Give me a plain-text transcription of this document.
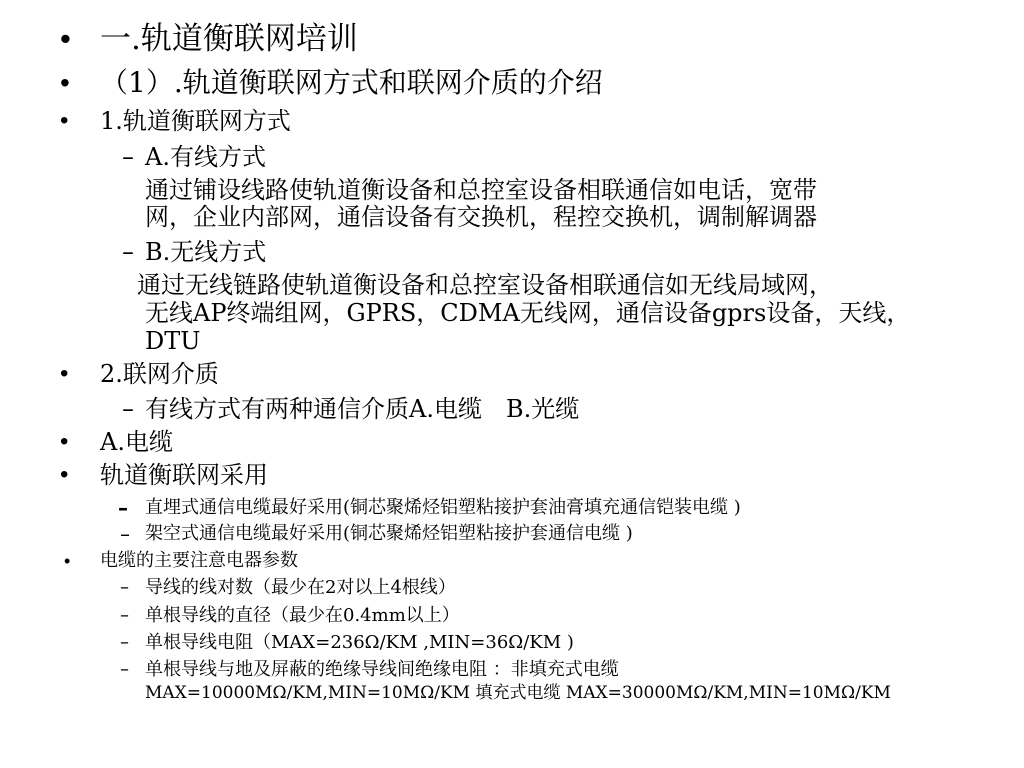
• 一.轨道衡联网培训
• （1）.轨道衡联网方式和联网介质的介绍
• 1.轨道衡联网方式
– A.有线方式
通过铺设线路使轨道衡设备和总控室设备相联通信如电话，宽带
网，企业内部网，通信设备有交换机，程控交换机，调制解调器
– B.无线方式
通过无线链路使轨道衡设备和总控室设备相联通信如无线局域网，
无线AP终端组网，GPRS，CDMA无线网，通信设备gprs设备，天线，
DTU
• 2.联网介质
– 有线方式有两种通信介质A.电缆　B.光缆
• A.电缆
• 轨道衡联网采用
– 直埋式通信电缆最好采用(铜芯聚烯烃铝塑粘接护套油膏填充通信铠装电缆 )
– 架空式通信电缆最好采用(铜芯聚烯烃铝塑粘接护套通信电缆 )
• 电缆的主要注意电器参数
– 导线的线对数（最少在2对以上4根线）
– 单根导线的直径（最少在0.4mm以上）
– 单根导线电阻（MAX=236Ω/KM ,MIN=36Ω/KM )
– 单根导线与地及屏蔽的绝缘导线间绝缘电阻 ：非填充式电缆
MAX=10000MΩ/KM,MIN=10MΩ/KM 填充式电缆 MAX=30000MΩ/KM,MIN=10MΩ/KM
